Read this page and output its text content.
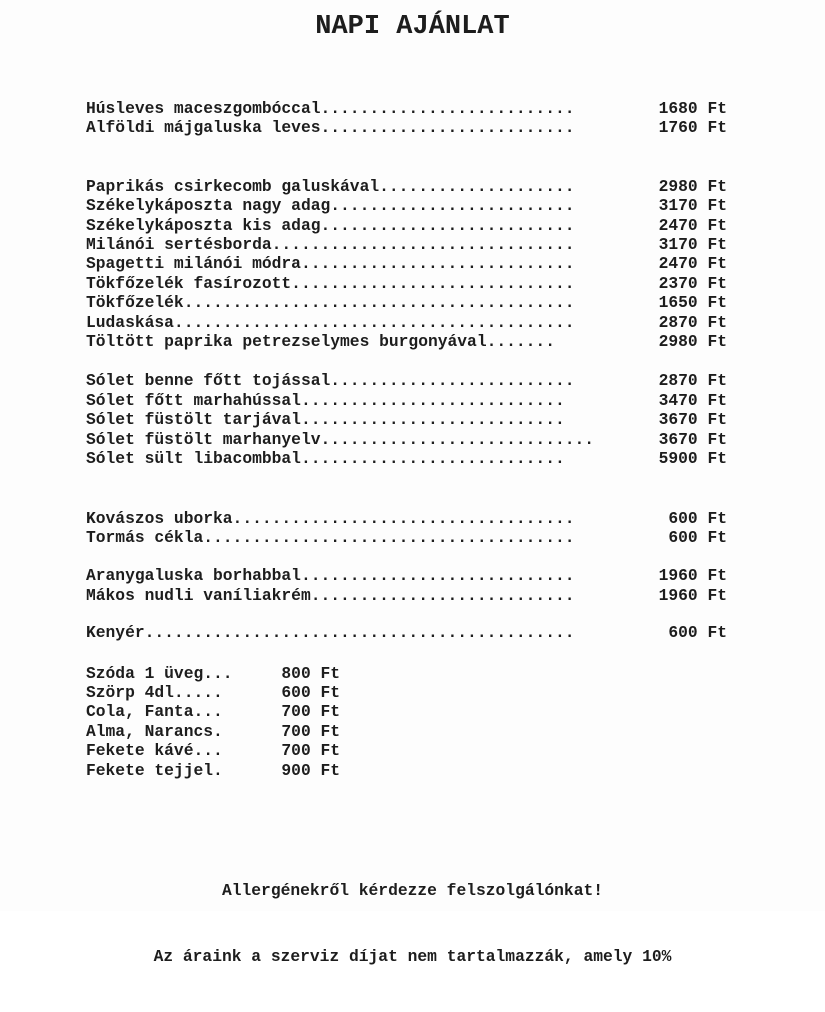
NAPI AJÁNLAT
Húsleves maceszgombóccal..........................	1680 Ft
Alföldi májgaluska leves..........................	1760 Ft
Paprikás csirkecomb galuskával....................	2980 Ft
Székelykáposzta nagy adag.........................	3170 Ft
Székelykáposzta kis adag..........................	2470 Ft
Milánói sertésborda...............................	3170 Ft
Spagetti milánói módra............................	2470 Ft
Tökfőzelék fasírozott.............................	2370 Ft
Tökfőzelék........................................	1650 Ft
Ludaskása.........................................	2870 Ft
Töltött paprika petrezselymes burgonyával.......	2980 Ft
Sólet benne főtt tojással.........................	2870 Ft
Sólet főtt marhahússal...........................	3470 Ft
Sólet füstölt tarjával...........................	3670 Ft
Sólet füstölt marhanyelv............................	3670 Ft
Sólet sült libacombbal...........................	5900 Ft
Kovászos uborka...................................	600 Ft
Tormás cékla......................................	600 Ft
Aranygaluska borhabbal............................	1960 Ft
Mákos nudli vaníliakrém...........................	1960 Ft
Kenyér............................................	600 Ft
Szóda 1 üveg...     800 Ft
Szörp 4dl.....      600 Ft
Cola, Fanta...      700 Ft
Alma, Narancs.      700 Ft
Fekete kávé...      700 Ft
Fekete tejjel.      900 Ft

Allergénekről kérdezze felszolgálónkat!

Az áraink a szerviz díjat nem tartalmazzák, amely 10%
